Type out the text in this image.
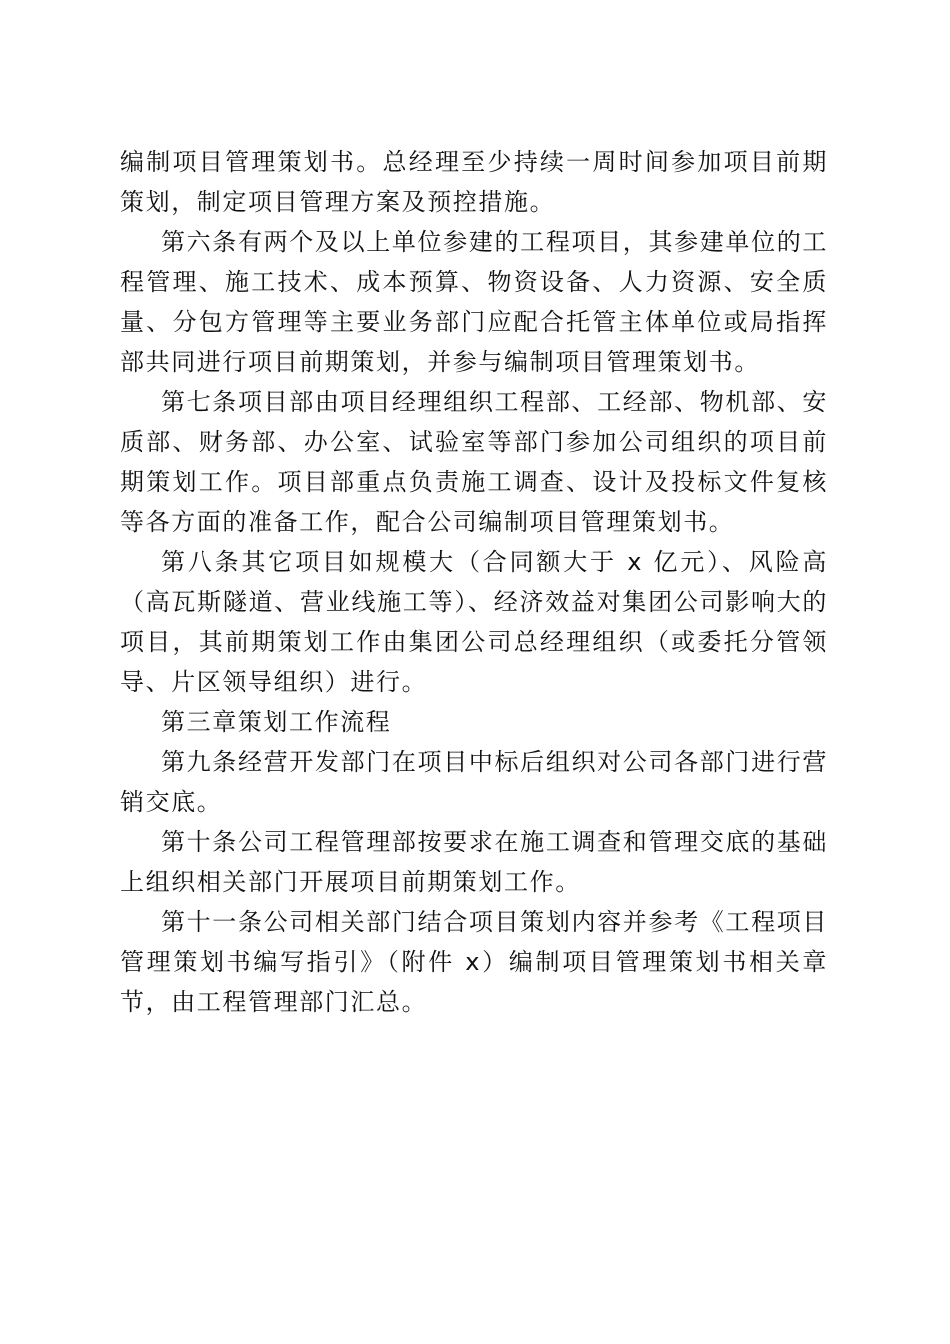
编制项目管理策划书。总经理至少持续一周时间参加项目前期策划，制定项目管理方案及预控措施。

第六条有两个及以上单位参建的工程项目，其参建单位的工程管理、施工技术、成本预算、物资设备、人力资源、安全质量、分包方管理等主要业务部门应配合托管主体单位或局指挥部共同进行项目前期策划，并参与编制项目管理策划书。

第七条项目部由项目经理组织工程部、工经部、物机部、安质部、财务部、办公室、试验室等部门参加公司组织的项目前期策划工作。项目部重点负责施工调查、设计及投标文件复核等各方面的准备工作，配合公司编制项目管理策划书。

第八条其它项目如规模大（合同额大于 x 亿元）、风险高（高瓦斯隧道、营业线施工等）、经济效益对集团公司影响大的项目，其前期策划工作由集团公司总经理组织（或委托分管领导、片区领导组织）进行。

第三章策划工作流程

第九条经营开发部门在项目中标后组织对公司各部门进行营销交底。

第十条公司工程管理部按要求在施工调查和管理交底的基础上组织相关部门开展项目前期策划工作。

第十一条公司相关部门结合项目策划内容并参考《工程项目管理策划书编写指引》（附件 x）编制项目管理策划书相关章节，由工程管理部门汇总。
